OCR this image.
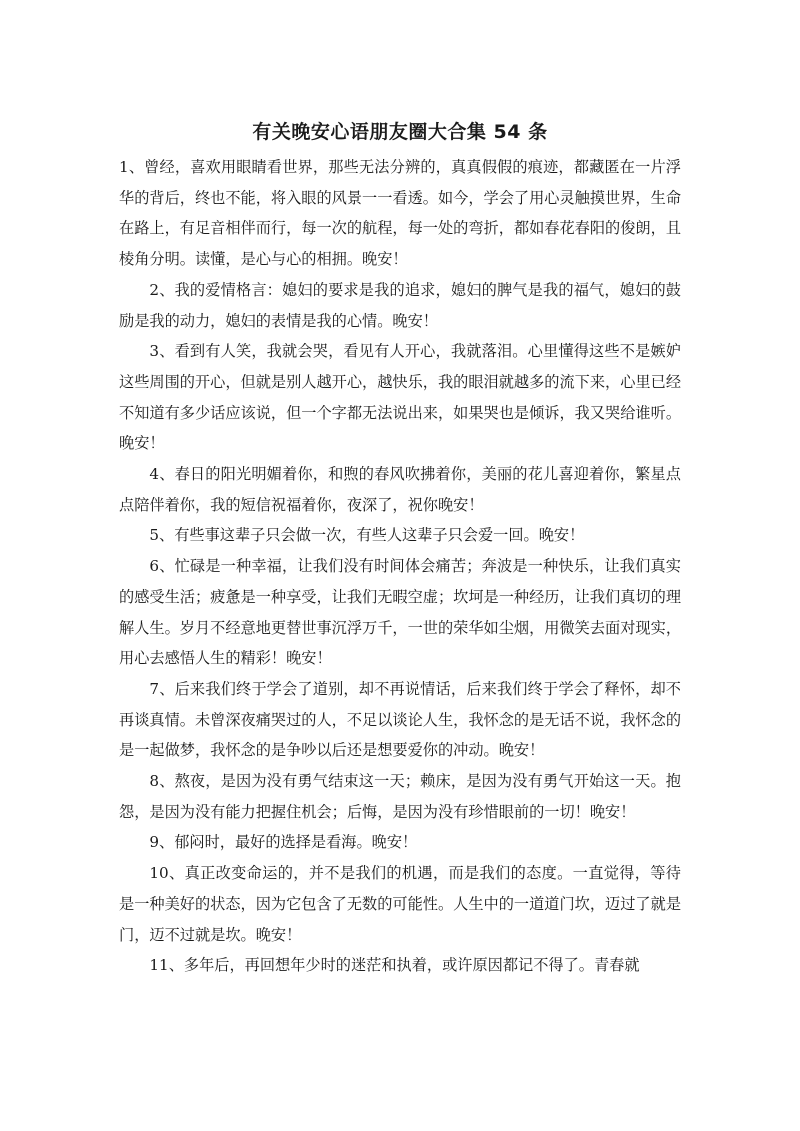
有关晚安心语朋友圈大合集 54 条

1、曾经，喜欢用眼睛看世界，那些无法分辨的，真真假假的痕迹，都藏匿在一片浮华的背后，终也不能，将入眼的风景一一看透。如今，学会了用心灵触摸世界，生命在路上，有足音相伴而行，每一次的航程，每一处的弯折，都如春花春阳的俊朗，且棱角分明。读懂，是心与心的相拥。晚安！

2、我的爱情格言：媳妇的要求是我的追求，媳妇的脾气是我的福气，媳妇的鼓励是我的动力，媳妇的表情是我的心情。晚安！

3、看到有人笑，我就会哭，看见有人开心，我就落泪。心里懂得这些不是嫉妒这些周围的开心，但就是别人越开心，越快乐，我的眼泪就越多的流下来，心里已经不知道有多少话应该说，但一个字都无法说出来，如果哭也是倾诉，我又哭给谁听。晚安！

4、春日的阳光明媚着你，和煦的春风吹拂着你，美丽的花儿喜迎着你，繁星点点陪伴着你，我的短信祝福着你，夜深了，祝你晚安！

5、有些事这辈子只会做一次，有些人这辈子只会爱一回。晚安！

6、忙碌是一种幸福，让我们没有时间体会痛苦；奔波是一种快乐，让我们真实的感受生活；疲惫是一种享受，让我们无暇空虚；坎坷是一种经历，让我们真切的理解人生。岁月不经意地更替世事沉浮万千，一世的荣华如尘烟，用微笑去面对现实，用心去感悟人生的精彩！晚安！

7、后来我们终于学会了道别，却不再说情话，后来我们终于学会了释怀，却不再谈真情。未曾深夜痛哭过的人，不足以谈论人生，我怀念的是无话不说，我怀念的是一起做梦，我怀念的是争吵以后还是想要爱你的冲动。晚安！

8、熬夜，是因为没有勇气结束这一天；赖床，是因为没有勇气开始这一天。抱怨，是因为没有能力把握住机会；后悔，是因为没有珍惜眼前的一切！晚安！

9、郁闷时，最好的选择是看海。晚安！

10、真正改变命运的，并不是我们的机遇，而是我们的态度。一直觉得，等待是一种美好的状态，因为它包含了无数的可能性。人生中的一道道门坎，迈过了就是门，迈不过就是坎。晚安！

11、多年后，再回想年少时的迷茫和执着，或许原因都记不得了。青春就
